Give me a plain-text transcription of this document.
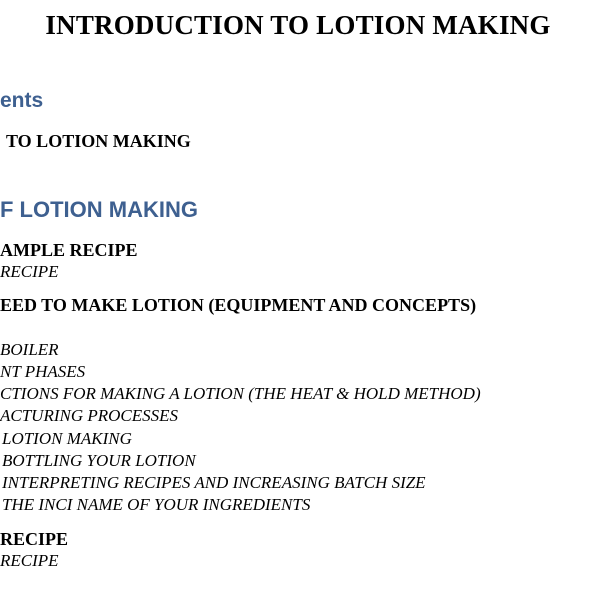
INTRODUCTION TO LOTION MAKING
ents
TO LOTION MAKING
F LOTION MAKING
AMPLE RECIPE
RECIPE
EED TO MAKE LOTION (EQUIPMENT AND CONCEPTS)
BOILER
NT PHASES
CTIONS FOR MAKING A LOTION (THE HEAT & HOLD METHOD)
ACTURING PROCESSES
LOTION MAKING
BOTTLING YOUR LOTION
INTERPRETING RECIPES AND INCREASING BATCH SIZE
THE INCI NAME OF YOUR INGREDIENTS
RECIPE
RECIPE
